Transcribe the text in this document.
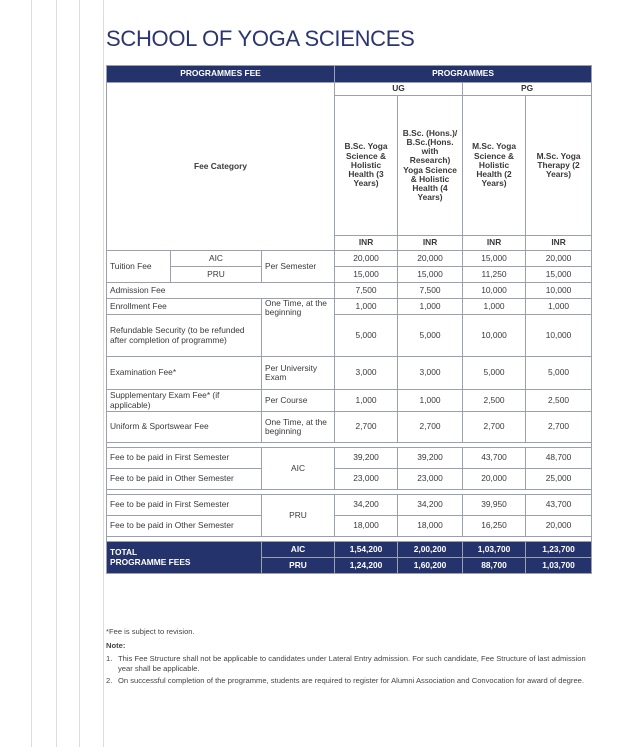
SCHOOL OF YOGA SCIENCES
PROGRAMMES FEE			PROGRAMMES			
Fee Category			UG		PG	
			B.Sc. Yoga Science & Holistic Health (3 Years)	B.Sc. (Hons.)/ B.Sc.(Hons. with Research) Yoga Science & Holistic Health (4 Years)	M.Sc. Yoga Science & Holistic Health (2 Years)	M.Sc. Yoga Therapy (2 Years)
			INR	INR	INR	INR
Tuition Fee	AIC	Per Semester	20,000	20,000	15,000	20,000
	PRU		15,000	15,000	11,250	15,000
Admission Fee			7,500	7,500	10,000	10,000
Enrollment Fee		One Time, at the beginning	1,000	1,000	1,000	1,000
Refundable Security (to be refunded after completion of programme)			5,000	5,000	10,000	10,000
Examination Fee*		Per University Exam	3,000	3,000	5,000	5,000
Supplementary Exam Fee* (if applicable)		Per Course	1,000	1,000	2,500	2,500
Uniform & Sportswear Fee		One Time, at the beginning	2,700	2,700	2,700	2,700

Fee to be paid in First Semester		AIC	39,200	39,200	43,700	48,700
Fee to be paid in Other Semester			23,000	23,000	20,000	25,000

Fee to be paid in First Semester		PRU	34,200	34,200	39,950	43,700
Fee to be paid in Other Semester			18,000	18,000	16,250	20,000

TOTAL
PROGRAMME FEES		AIC	1,54,200	2,00,200	1,03,700	1,23,700
		PRU	1,24,200	1,60,200	88,700	1,03,700
*Fee is subject to revision.
Note:
1. This Fee Structure shall not be applicable to candidates under Lateral Entry admission. For such candidate, Fee Structure of last admission year shall be applicable.
2. On successful completion of the programme, students are required to register for Alumni Association and Convocation for award of degree.
